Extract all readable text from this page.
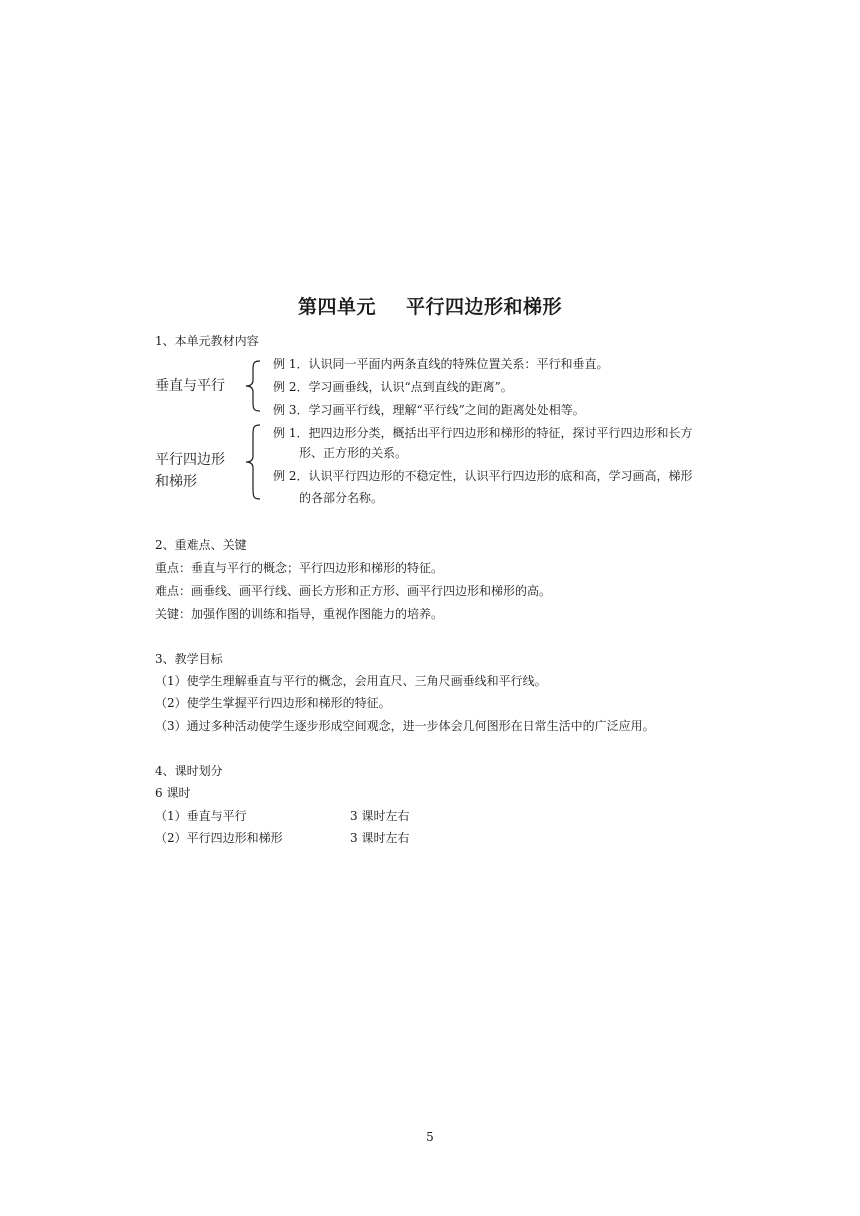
第四单元 平行四边形和梯形
1、本单元教材内容
垂直与平行
例 1．认识同一平面内两条直线的特殊位置关系：平行和垂直。
例 2．学习画垂线，认识“点到直线的距离”。
例 3．学习画平行线，理解“平行线”之间的距离处处相等。
平行四边形
和梯形
例 1．把四边形分类，概括出平行四边形和梯形的特征，探讨平行四边形和长方
形、正方形的关系。
例 2．认识平行四边形的不稳定性，认识平行四边形的底和高，学习画高，梯形
的各部分名称。
2、重难点、关键
重点：垂直与平行的概念；平行四边形和梯形的特征。
难点：画垂线、画平行线、画长方形和正方形、画平行四边形和梯形的高。
关键：加强作图的训练和指导，重视作图能力的培养。
3、教学目标
（1）使学生理解垂直与平行的概念，会用直尺、三角尺画垂线和平行线。
（2）使学生掌握平行四边形和梯形的特征。
（3）通过多种活动使学生逐步形成空间观念，进一步体会几何图形在日常生活中的广泛应用。
4、课时划分
6 课时
（1）垂直与平行	3 课时左右
（2）平行四边形和梯形	3 课时左右
5
